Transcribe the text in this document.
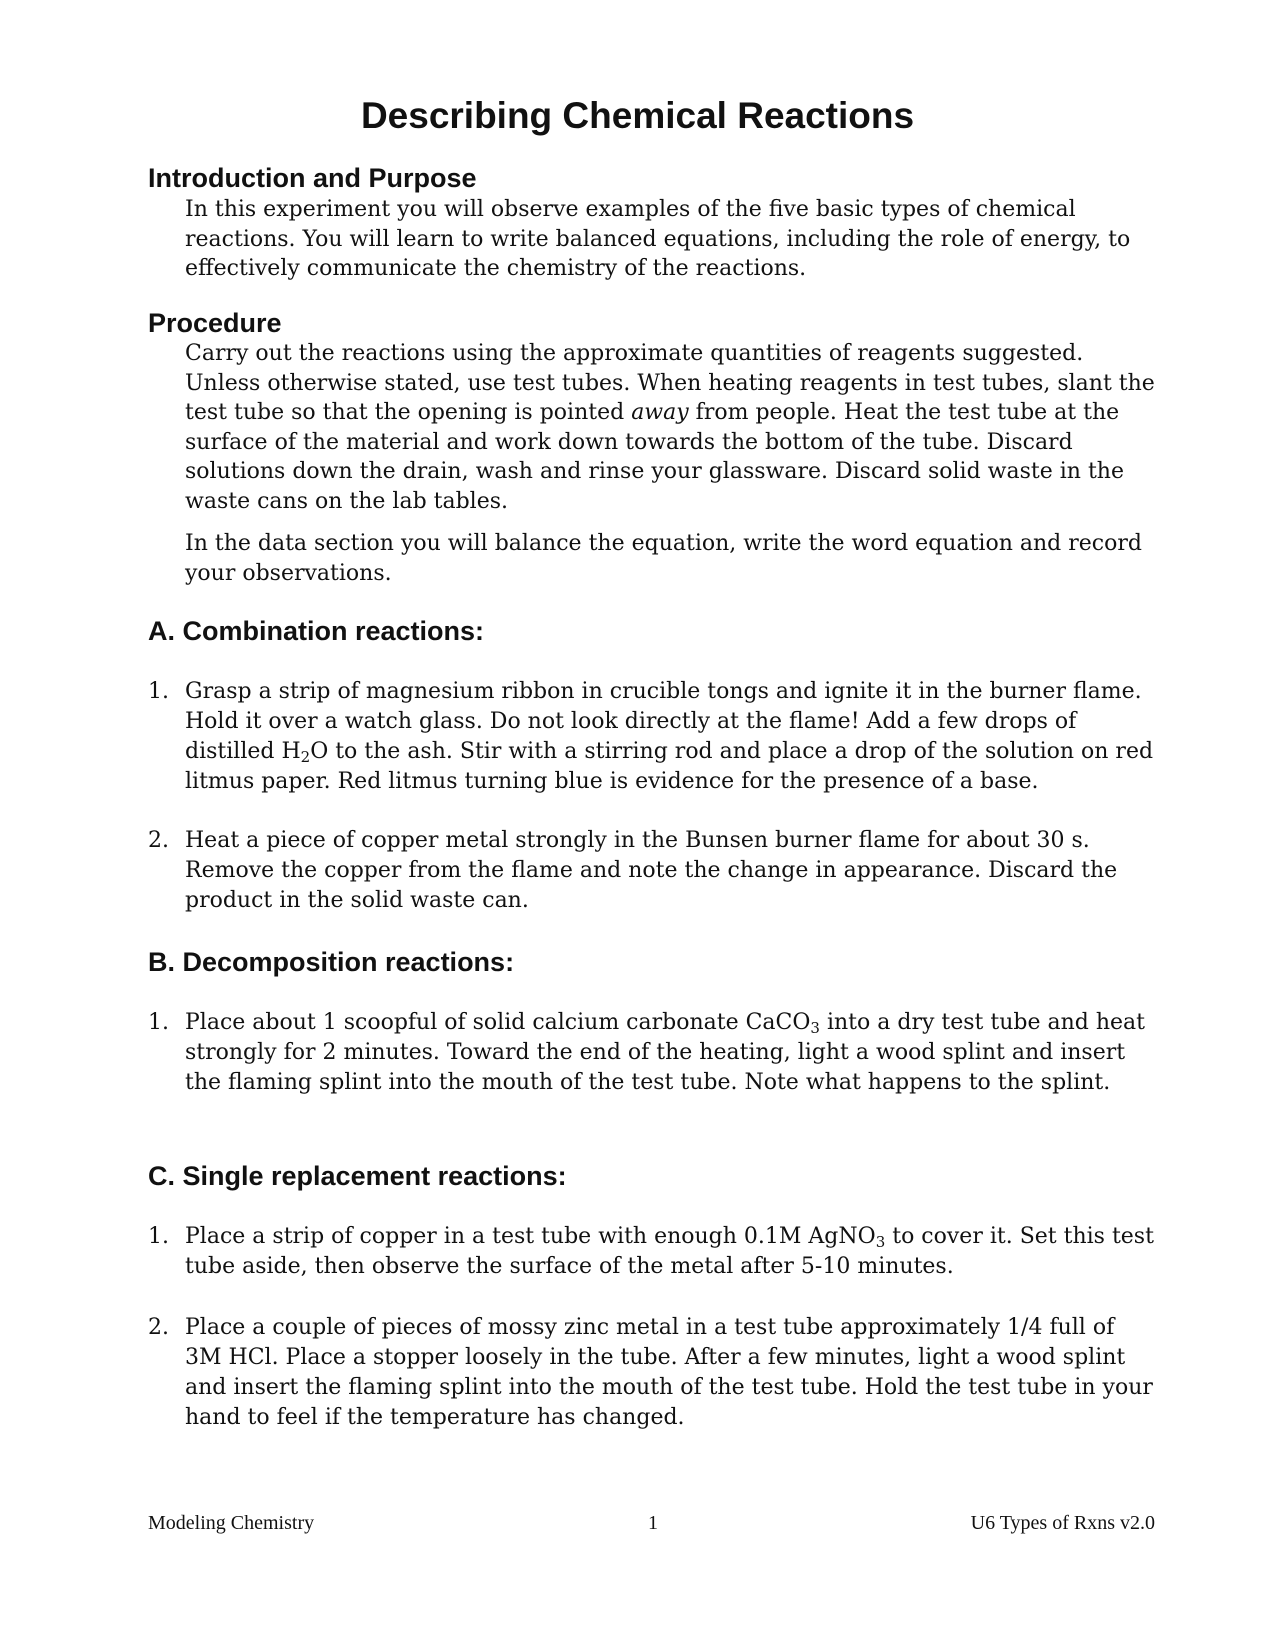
Describing Chemical Reactions
Introduction and Purpose

In this experiment you will observe examples of the five basic types of chemical reactions. You will learn to write balanced equations, including the role of energy, to effectively communicate the chemistry of the reactions.

Procedure

Carry out the reactions using the approximate quantities of reagents suggested. Unless otherwise stated, use test tubes. When heating reagents in test tubes, slant the test tube so that the opening is pointed away from people. Heat the test tube at the surface of the material and work down towards the bottom of the tube. Discard solutions down the drain, wash and rinse your glassware. Discard solid waste in the waste cans on the lab tables.

In the data section you will balance the equation, write the word equation and record your observations.

A. Combination reactions:
1. Grasp a strip of magnesium ribbon in crucible tongs and ignite it in the burner flame. Hold it over a watch glass. Do not look directly at the flame! Add a few drops of distilled $H_2O$ to the ash. Stir with a stirring rod and place a drop of the solution on red litmus paper. Red litmus turning blue is evidence for the presence of a base.
2. Heat a piece of copper metal strongly in the Bunsen burner flame for about 30 s. Remove the copper from the flame and note the change in appearance. Discard the product in the solid waste can.
B. Decomposition reactions:
1. Place about 1 scoopful of solid calcium carbonate CaCO$_3$ into a dry test tube and heat strongly for 2 minutes. Toward the end of the heating, light a wood splint and insert the flaming splint into the mouth of the test tube. Note what happens to the splint.
C. Single replacement reactions:
1. Place a strip of copper in a test tube with enough 0.1M AgNO$_3$ to cover it. Set this test tube aside, then observe the surface of the metal after 5-10 minutes.
2. Place a couple of pieces of mossy zinc metal in a test tube approximately 1/4 full of 3M HCl. Place a stopper loosely in the tube. After a few minutes, light a wood splint and insert the flaming splint into the mouth of the test tube. Hold the test tube in your hand to feel if the temperature has changed.
Modeling Chemistry	1	U6 Types of Rxns v2.0
